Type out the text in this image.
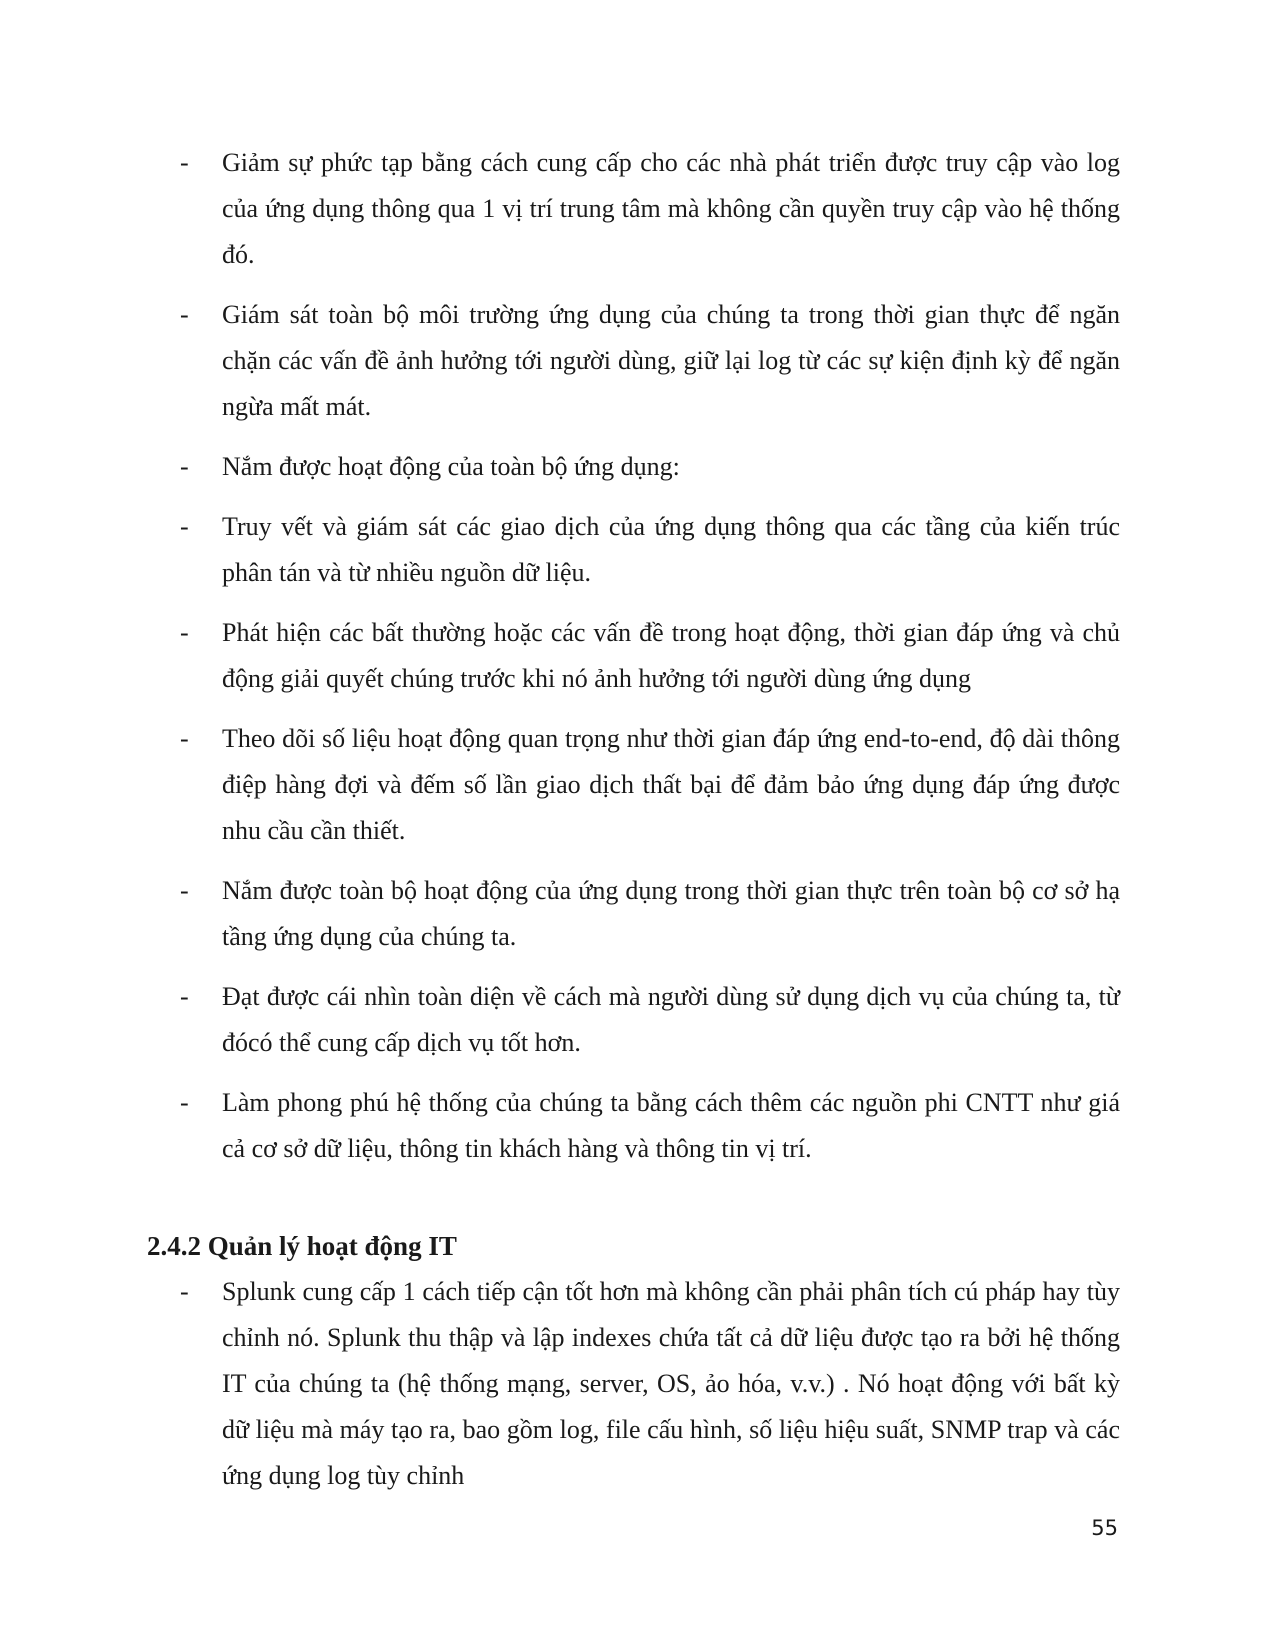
-	Giảm sự phức tạp bằng cách cung cấp cho các nhà phát triển được truy cập vào log của ứng dụng thông qua 1 vị trí trung tâm mà không cần quyền truy cập vào hệ thống đó.
-	Giám sát toàn bộ môi trường ứng dụng của chúng ta trong thời gian thực để ngăn chặn các vấn đề ảnh hưởng tới người dùng, giữ lại log từ các sự kiện định kỳ để ngăn ngừa mất mát.
-	Nắm được hoạt động của toàn bộ ứng dụng:
-	Truy vết và giám sát các giao dịch của ứng dụng thông qua các tầng của kiến trúc phân tán và từ nhiều nguồn dữ liệu.
-	Phát hiện các bất thường hoặc các vấn đề trong hoạt động, thời gian đáp ứng và chủ động giải quyết chúng trước khi nó ảnh hưởng tới người dùng ứng dụng
-	Theo dõi số liệu hoạt động quan trọng như thời gian đáp ứng end-to-end, độ dài thông điệp hàng đợi và đếm số lần giao dịch thất bại để đảm bảo ứng dụng đáp ứng được nhu cầu cần thiết.
-	Nắm được toàn bộ hoạt động của ứng dụng trong thời gian thực trên toàn bộ cơ sở hạ tầng ứng dụng của chúng ta.
-	Đạt được cái nhìn toàn diện về cách mà người dùng sử dụng dịch vụ của chúng ta, từ đócó thể cung cấp dịch vụ tốt hơn.
-	Làm phong phú hệ thống của chúng ta bằng cách thêm các nguồn phi CNTT như giá cả cơ sở dữ liệu, thông tin khách hàng và thông tin vị trí.
2.4.2 Quản lý hoạt động IT
-	Splunk cung cấp 1 cách tiếp cận tốt hơn mà không cần phải phân tích cú pháp hay tùy chỉnh nó. Splunk thu thập và lập indexes chứa tất cả dữ liệu được tạo ra bởi hệ thống IT của chúng ta (hệ thống mạng, server, OS, ảo hóa, v.v.) . Nó hoạt động với bất kỳ dữ liệu mà máy tạo ra, bao gồm log, file cấu hình, số liệu hiệu suất, SNMP trap và các ứng dụng log tùy chỉnh
55
